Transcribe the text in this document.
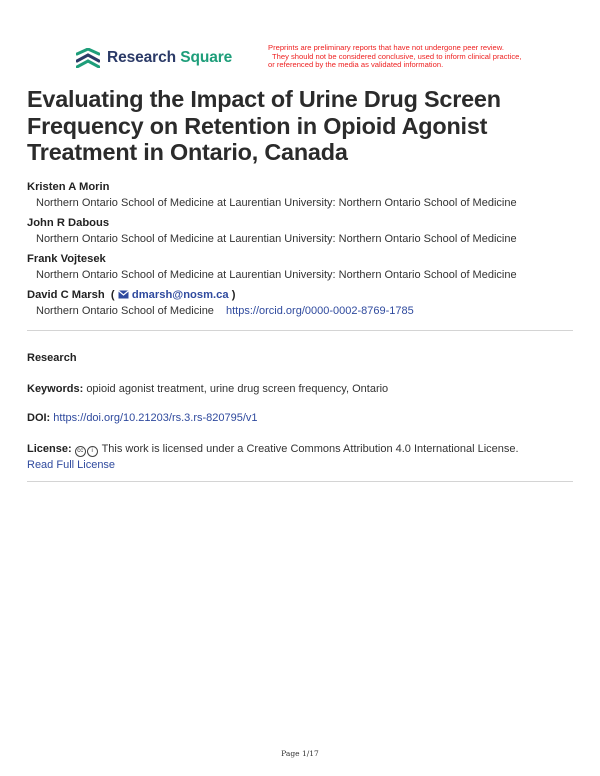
Research Square
Preprints are preliminary reports that have not undergone peer review.
They should not be considered conclusive, used to inform clinical practice,
or referenced by the media as validated information.
Evaluating the Impact of Urine Drug Screen Frequency on Retention in Opioid Agonist Treatment in Ontario, Canada
Kristen A Morin
Northern Ontario School of Medicine at Laurentian University: Northern Ontario School of Medicine
John R Dabous
Northern Ontario School of Medicine at Laurentian University: Northern Ontario School of Medicine
Frank Vojtesek
Northern Ontario School of Medicine at Laurentian University: Northern Ontario School of Medicine
David C Marsh  (  dmarsh@nosm.ca )
Northern Ontario School of Medicine https://orcid.org/0000-0002-8769-1785
Research
Keywords: opioid agonist treatment, urine drug screen frequency, Ontario
DOI: https://doi.org/10.21203/rs.3.rs-820795/v1
License: cc i This work is licensed under a Creative Commons Attribution 4.0 International License.
Read Full License
Page 1/17
